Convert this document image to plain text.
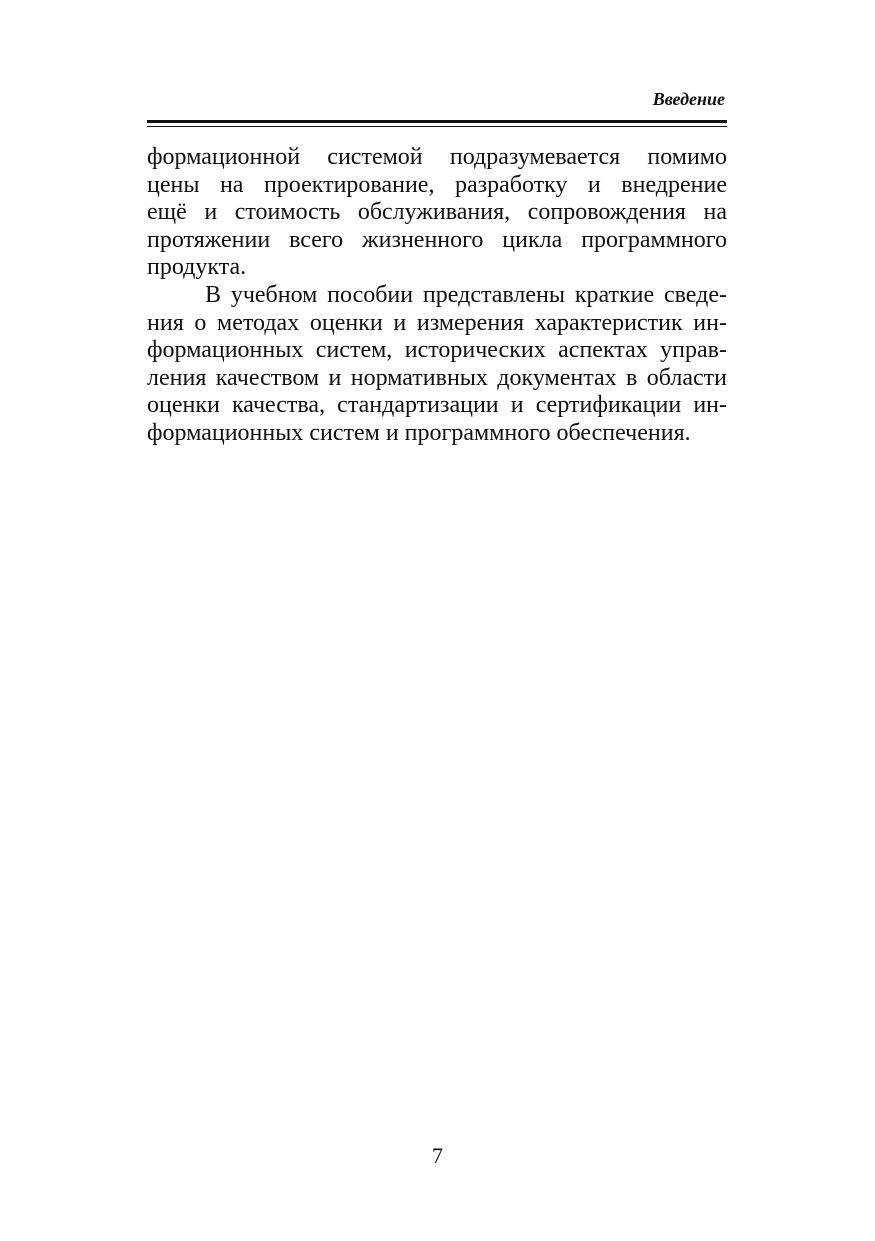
Введение
формационной системой подразумевается помимо
цены на проектирование, разработку и внедрение
ещё и стоимость обслуживания, сопровождения на
протяжении всего жизненного цикла программного
продукта.
В учебном пособии представлены краткие сведе-
ния о методах оценки и измерения характеристик ин-
формационных систем, исторических аспектах управ-
ления качеством и нормативных документах в области
оценки качества, стандартизации и сертификации ин-
формационных систем и программного обеспечения.
7
